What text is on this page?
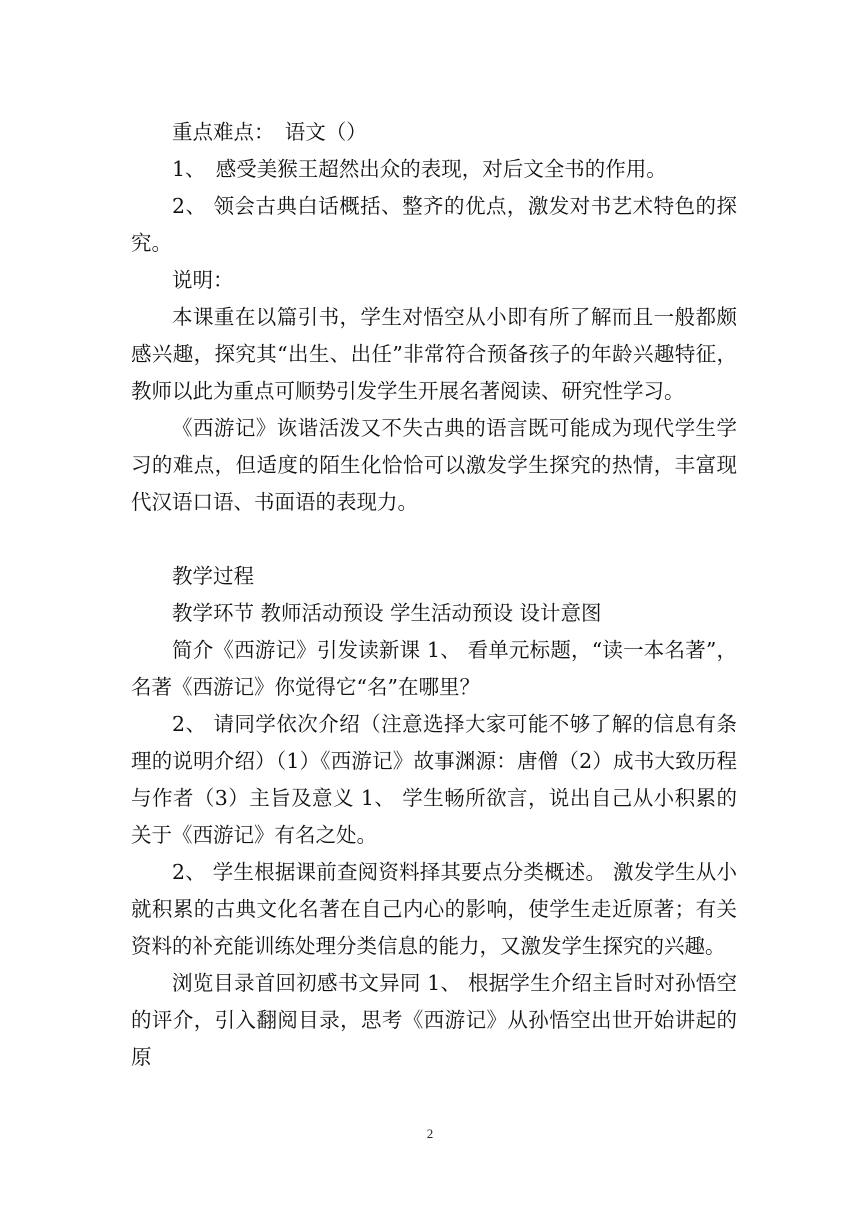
重点难点：　语文（）

1、　感受美猴王超然出众的表现，对后文全书的作用。

2、 领会古典白话概括、整齐的优点，激发对书艺术特色的探究。

说明：

本课重在以篇引书，学生对悟空从小即有所了解而且一般都颇感兴趣，探究其“出生、出任”非常符合预备孩子的年龄兴趣特征，教师以此为重点可顺势引发学生开展名著阅读、研究性学习。

《西游记》诙谐活泼又不失古典的语言既可能成为现代学生学习的难点，但适度的陌生化恰恰可以激发学生探究的热情，丰富现代汉语口语、书面语的表现力。

教学过程

教学环节 教师活动预设 学生活动预设 设计意图

简介《西游记》引发读新课 1、 看单元标题，“读一本名著”，名著《西游记》你觉得它“名”在哪里？

2、 请同学依次介绍（注意选择大家可能不够了解的信息有条理的说明介绍）（1）《西游记》故事渊源：唐僧（2）成书大致历程与作者（3）主旨及意义 1、 学生畅所欲言，说出自己从小积累的关于《西游记》有名之处。

2、 学生根据课前查阅资料择其要点分类概述。 激发学生从小就积累的古典文化名著在自己内心的影响，使学生走近原著；有关资料的补充能训练处理分类信息的能力，又激发学生探究的兴趣。

浏览目录首回初感书文异同 1、 根据学生介绍主旨时对孙悟空的评介，引入翻阅目录，思考《西游记》从孙悟空出世开始讲起的原

2
